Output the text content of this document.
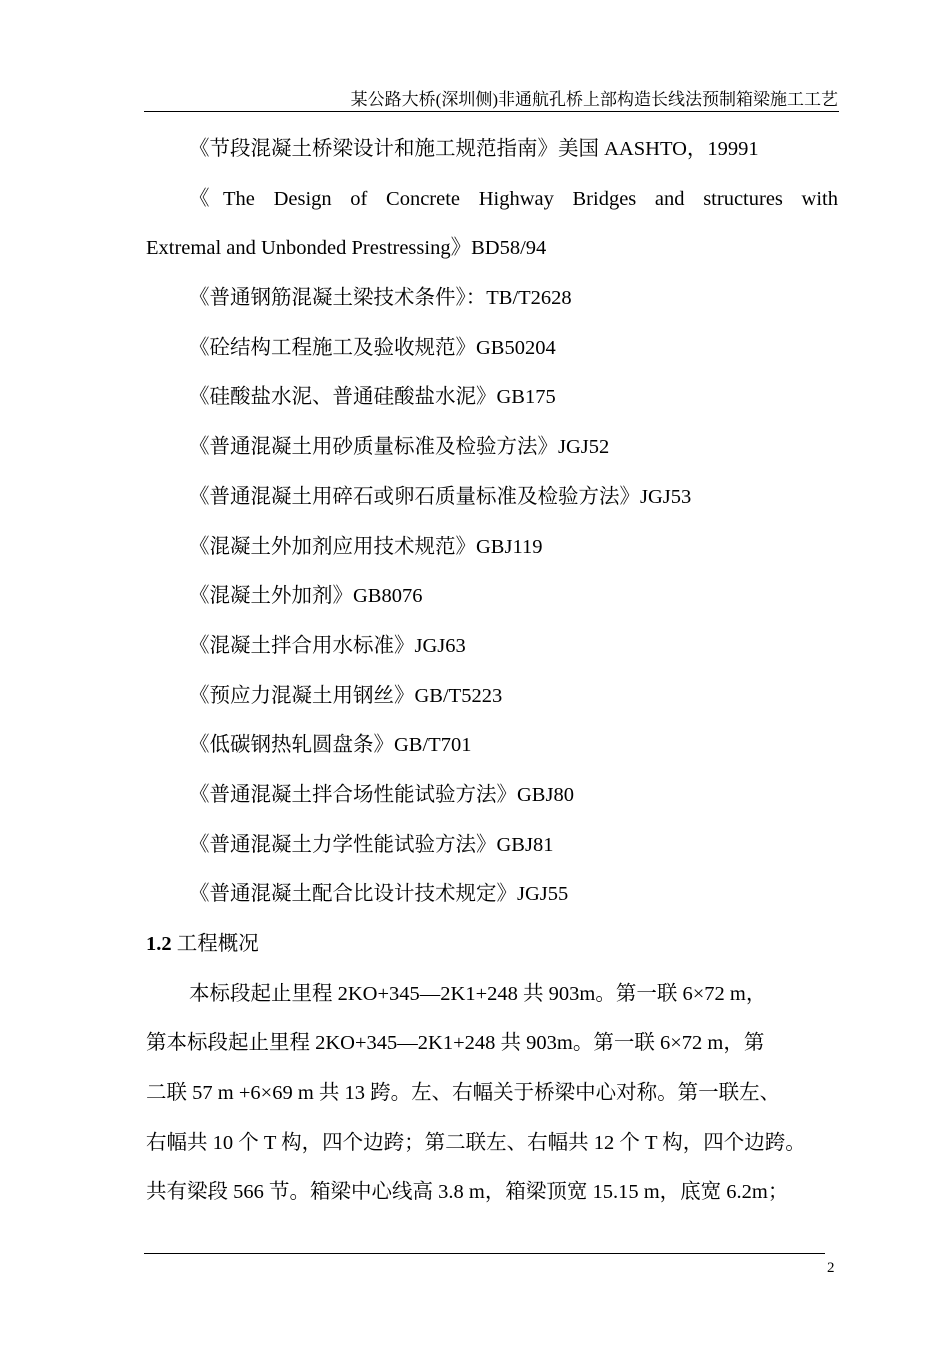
某公路大桥(深圳侧)非通航孔桥上部构造长线法预制箱梁施工工艺
《节段混凝土桥梁设计和施工规范指南》美国 AASHTO，19991
《The Design of Concrete Highway Bridges and structures with
Extremal and Unbonded Prestressing》BD58/94
《普通钢筋混凝土梁技术条件》：TB/T2628
《砼结构工程施工及验收规范》GB50204
《硅酸盐水泥、普通硅酸盐水泥》GB175
《普通混凝土用砂质量标准及检验方法》JGJ52
《普通混凝土用碎石或卵石质量标准及检验方法》JGJ53
《混凝土外加剂应用技术规范》GBJ119
《混凝土外加剂》GB8076
《混凝土拌合用水标准》JGJ63
《预应力混凝土用钢丝》GB/T5223
《低碳钢热轧圆盘条》GB/T701
《普通混凝土拌合场性能试验方法》GBJ80
《普通混凝土力学性能试验方法》GBJ81
《普通混凝土配合比设计技术规定》JGJ55
1.2 工程概况
本标段起止里程 2KO+345—2K1+248 共 903m。第一联 6×72 m，
第本标段起止里程 2KO+345—2K1+248 共 903m。第一联 6×72 m，第
二联 57 m +6×69 m 共 13 跨。左、右幅关于桥梁中心对称。第一联左、
右幅共 10 个 T 构，四个边跨；第二联左、右幅共 12 个 T 构，四个边跨。
共有梁段 566 节。箱梁中心线高 3.8 m，箱梁顶宽 15.15 m，底宽 6.2m；
2
